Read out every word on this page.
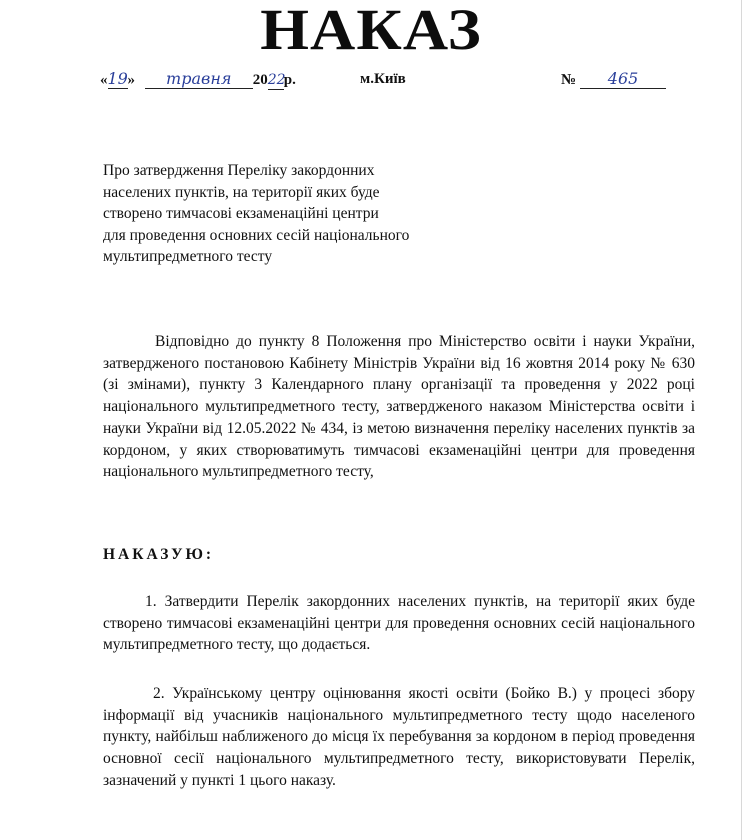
НАКАЗ
«19» травня 2022р.	м.Київ	№ 465
Про затвердження Переліку закордонних
населених пунктів, на території яких буде
створено тимчасові екзаменаційні центри
для проведення основних сесій національного
мультипредметного тесту
Відповідно до пункту 8 Положення про Міністерство освіти і науки України, затвердженого постановою Кабінету Міністрів України від 16 жовтня 2014 року № 630 (зі змінами), пункту 3 Календарного плану організації та проведення у 2022 році національного мультипредметного тесту, затвердженого наказом Міністерства освіти і науки України від 12.05.2022 № 434, із метою визначення переліку населених пунктів за кордоном, у яких створюватимуть тимчасові екзаменаційні центри для проведення національного мультипредметного тесту,
НАКАЗУЮ:
1. Затвердити Перелік закордонних населених пунктів, на території яких буде створено тимчасові екзаменаційні центри для проведення основних сесій національного мультипредметного тесту, що додається.
2. Українському центру оцінювання якості освіти (Бойко В.) у процесі збору інформації від учасників національного мультипредметного тесту щодо населеного пункту, найбільш наближеного до місця їх перебування за кордоном в період проведення основної сесії національного мультипредметного тесту, використовувати Перелік, зазначений у пункті 1 цього наказу.
